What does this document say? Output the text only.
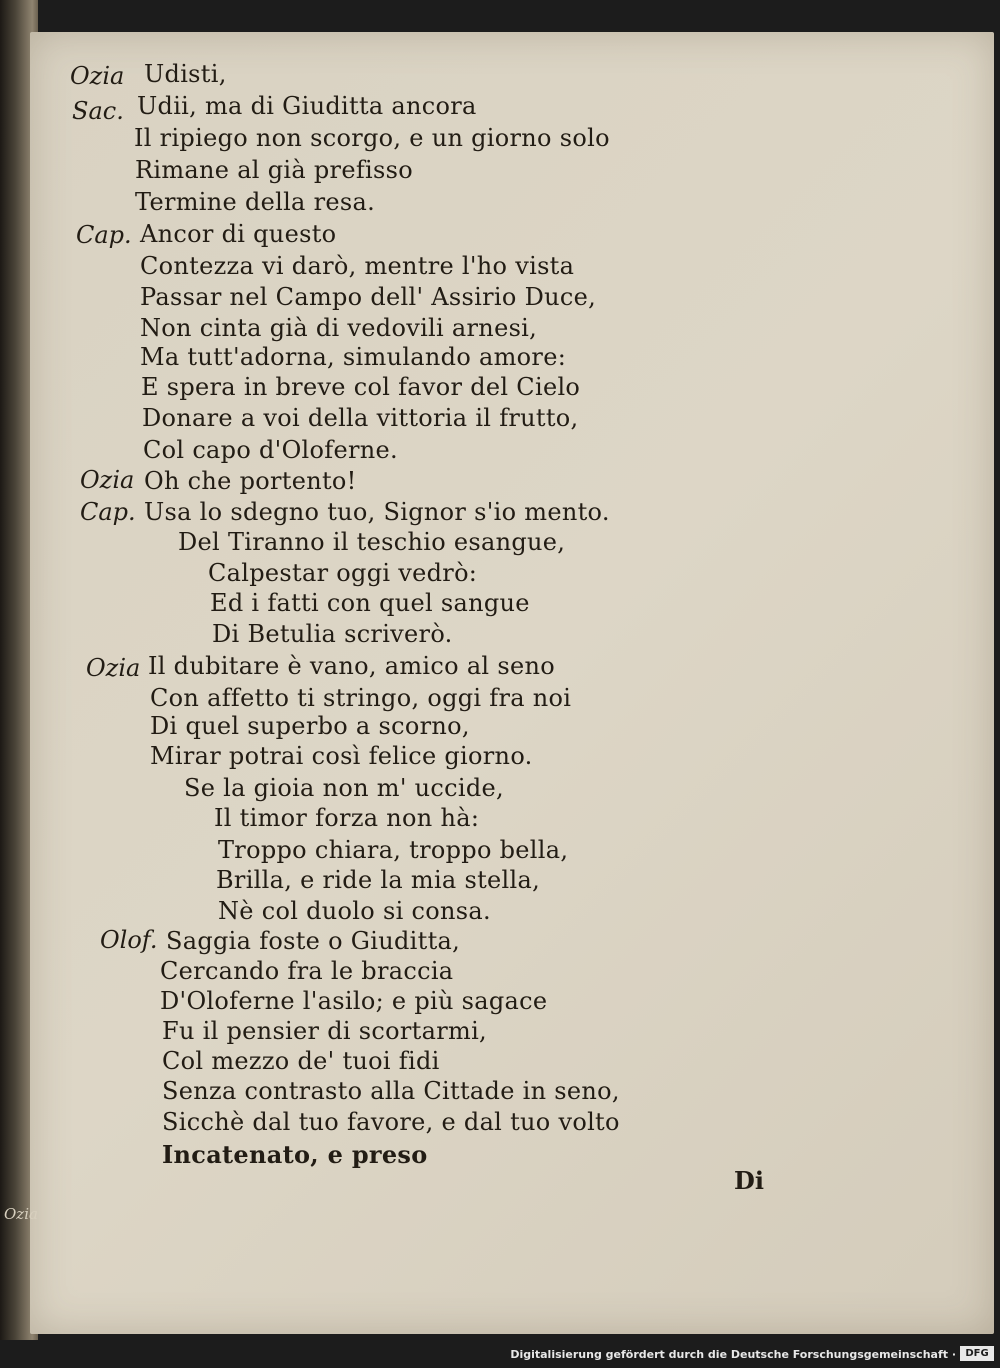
Ozia
Sac.
Cap.
Ozia
Cap.
Ozia
Olof.
Udisti,
Udii, ma di Giuditta ancora
Il ripiego non scorgo, e un giorno solo
Rimane al già prefisso
Termine della resa.
Ancor di questo
Contezza vi darò, mentre l'ho vista
Passar nel Campo dell' Assirio Duce,
Non cinta già di vedovili arnesi,
Ma tutt'adorna, simulando amore:
E spera in breve col favor del Cielo
Donare a voi della vittoria il frutto,
Col capo d'Oloferne.
Oh che portento!
Usa lo sdegno tuo, Signor s'io mento.
Del Tiranno il teschio esangue,
Calpestar oggi vedrò:
Ed i fatti con quel sangue
Di Betulia scriverò.
Il dubitare è vano, amico al seno
Con affetto ti stringo, oggi fra noi
Di quel superbo a scorno,
Mirar potrai così felice giorno.
Se la gioia non m' uccide,
Il timor forza non hà:
Troppo chiara, troppo bella,
Brilla, e ride la mia stella,
Nè col duolo si consa.
Saggia foste o Giuditta,
Cercando fra le braccia
D'Oloferne l'asilo; e più sagace
Fu il pensier di scortarmi,
Col mezzo de' tuoi fidi
Senza contrasto alla Cittade in seno,
Sicchè dal tuo favore, e dal tuo volto
Incatenato, e preso
Di
Ozia
Digitalisierung gefördert durch die Deutsche Forschungsgemeinschaft · DFG
